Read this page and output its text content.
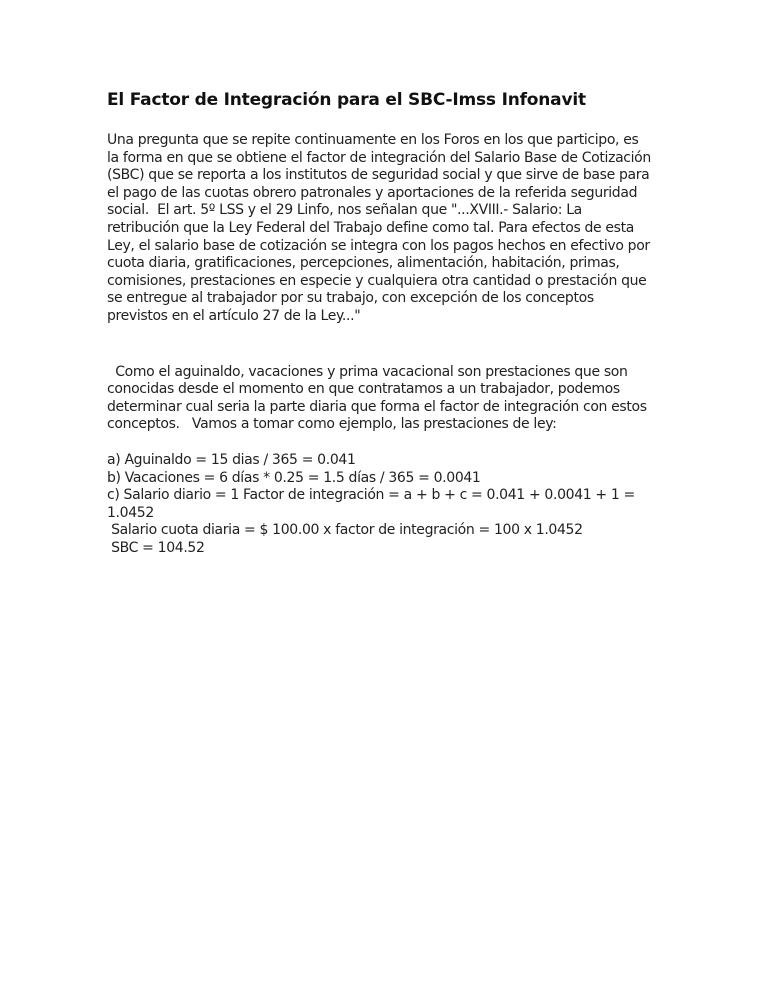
El Factor de Integración para el SBC-Imss Infonavit
Una pregunta que se repite continuamente en los Foros en los que participo, es
la forma en que se obtiene el factor de integración del Salario Base de Cotización
(SBC) que se reporta a los institutos de seguridad social y que sirve de base para
el pago de las cuotas obrero patronales y aportaciones de la referida seguridad
social.  El art. 5º LSS y el 29 Linfo, nos señalan que "...XVIII.- Salario: La
retribución que la Ley Federal del Trabajo define como tal. Para efectos de esta
Ley, el salario base de cotización se integra con los pagos hechos en efectivo por
cuota diaria, gratificaciones, percepciones, alimentación, habitación, primas,
comisiones, prestaciones en especie y cualquiera otra cantidad o prestación que
se entregue al trabajador por su trabajo, con excepción de los conceptos
previstos en el artículo 27 de la Ley..."
Como el aguinaldo, vacaciones y prima vacacional son prestaciones que son
conocidas desde el momento en que contratamos a un trabajador, podemos
determinar cual seria la parte diaria que forma el factor de integración con estos
conceptos.   Vamos a tomar como ejemplo, las prestaciones de ley:
a) Aguinaldo = 15 dias / 365 = 0.041
b) Vacaciones = 6 días * 0.25 = 1.5 días / 365 = 0.0041
c) Salario diario = 1 Factor de integración = a + b + c = 0.041 + 0.0041 + 1 =
1.0452
Salario cuota diaria = $ 100.00 x factor de integración = 100 x 1.0452
SBC = 104.52
